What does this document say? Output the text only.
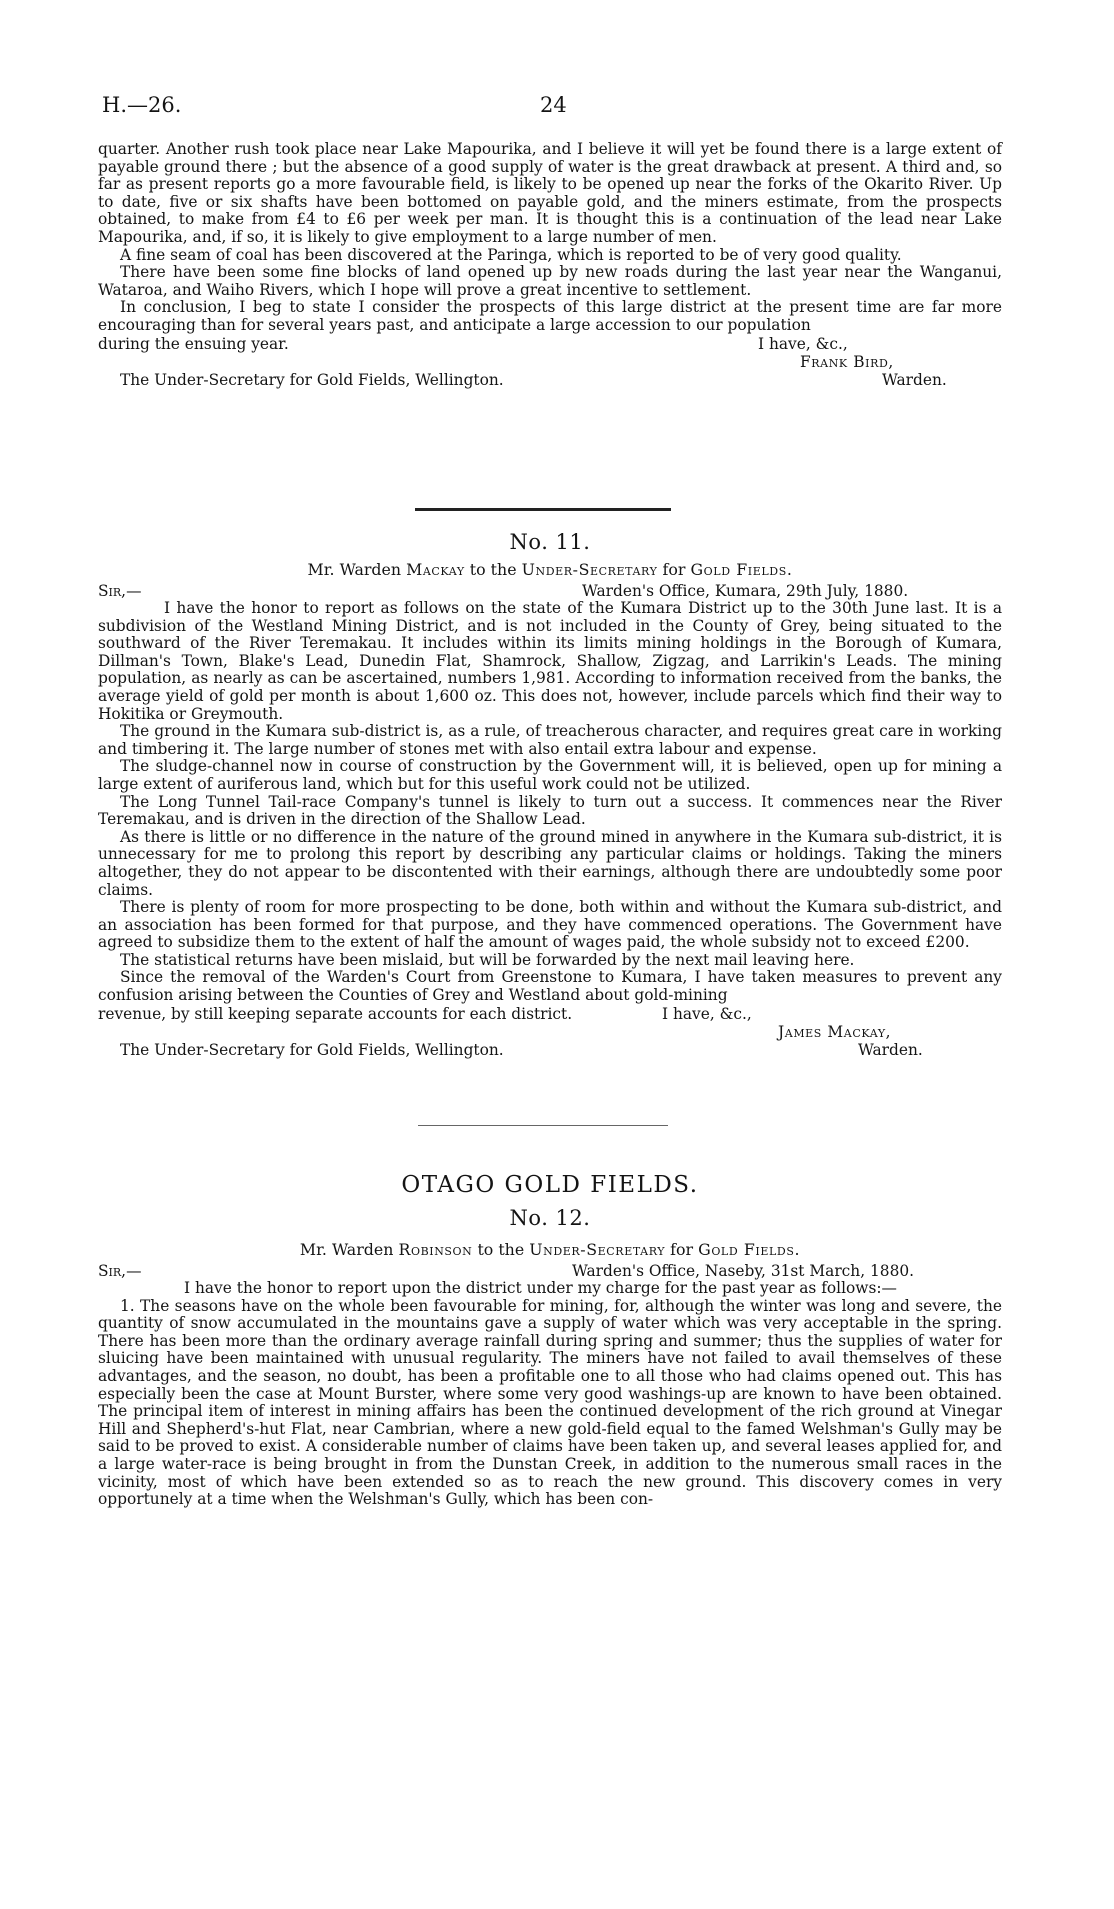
H.—26.	24

quarter. Another rush took place near Lake Mapourika, and I believe it will yet be found there is a large extent of payable ground there ; but the absence of a good supply of water is the great drawback at present. A third and, so far as present reports go a more favourable field, is likely to be opened up near the forks of the Okarito River. Up to date, five or six shafts have been bottomed on payable gold, and the miners estimate, from the prospects obtained, to make from £4 to £6 per week per man. It is thought this is a continuation of the lead near Lake Mapourika, and, if so, it is likely to give employment to a large number of men.

A fine seam of coal has been discovered at the Paringa, which is reported to be of very good quality.

There have been some fine blocks of land opened up by new roads during the last year near the Wanganui, Wataroa, and Waiho Rivers, which I hope will prove a great incentive to settlement.

In conclusion, I beg to state I consider the prospects of this large district at the present time are far more encouraging than for several years past, and anticipate a large accession to our population

during the ensuing year.	I have, &c.,
Frank Bird,
The Under-Secretary for Gold Fields, Wellington.	Warden.
No. 11.
Mr. Warden Mackay to the Under-Secretary for Gold Fields.
Sir,—	Warden's Office, Kumara, 29th July, 1880.

I have the honor to report as follows on the state of the Kumara District up to the 30th June last. It is a subdivision of the Westland Mining District, and is not included in the County of Grey, being situated to the southward of the River Teremakau. It includes within its limits mining holdings in the Borough of Kumara, Dillman's Town, Blake's Lead, Dunedin Flat, Shamrock, Shallow, Zigzag, and Larrikin's Leads. The mining population, as nearly as can be ascertained, numbers 1,981. According to information received from the banks, the average yield of gold per month is about 1,600 oz. This does not, however, include parcels which find their way to Hokitika or Greymouth.

The ground in the Kumara sub-district is, as a rule, of treacherous character, and requires great care in working and timbering it. The large number of stones met with also entail extra labour and expense.

The sludge-channel now in course of construction by the Government will, it is believed, open up for mining a large extent of auriferous land, which but for this useful work could not be utilized.

The Long Tunnel Tail-race Company's tunnel is likely to turn out a success. It commences near the River Teremakau, and is driven in the direction of the Shallow Lead.

As there is little or no difference in the nature of the ground mined in anywhere in the Kumara sub-district, it is unnecessary for me to prolong this report by describing any particular claims or holdings. Taking the miners altogether, they do not appear to be discontented with their earnings, although there are undoubtedly some poor claims.

There is plenty of room for more prospecting to be done, both within and without the Kumara sub-district, and an association has been formed for that purpose, and they have commenced operations. The Government have agreed to subsidize them to the extent of half the amount of wages paid, the whole subsidy not to exceed £200.

The statistical returns have been mislaid, but will be forwarded by the next mail leaving here.

Since the removal of the Warden's Court from Greenstone to Kumara, I have taken measures to prevent any confusion arising between the Counties of Grey and Westland about gold-mining

revenue, by still keeping separate accounts for each district.	I have, &c.,
James Mackay,
The Under-Secretary for Gold Fields, Wellington.	Warden.
OTAGO GOLD FIELDS.
No. 12.
Mr. Warden Robinson to the Under-Secretary for Gold Fields.
Sir,—	Warden's Office, Naseby, 31st March, 1880.

I have the honor to report upon the district under my charge for the past year as follows:—

1. The seasons have on the whole been favourable for mining, for, although the winter was long and severe, the quantity of snow accumulated in the mountains gave a supply of water which was very acceptable in the spring. There has been more than the ordinary average rainfall during spring and summer; thus the supplies of water for sluicing have been maintained with unusual regularity. The miners have not failed to avail themselves of these advantages, and the season, no doubt, has been a profitable one to all those who had claims opened out. This has especially been the case at Mount Burster, where some very good washings-up are known to have been obtained. The principal item of interest in mining affairs has been the continued development of the rich ground at Vinegar Hill and Shepherd's-hut Flat, near Cambrian, where a new gold-field equal to the famed Welshman's Gully may be said to be proved to exist. A considerable number of claims have been taken up, and several leases applied for, and a large water-race is being brought in from the Dunstan Creek, in addition to the numerous small races in the vicinity, most of which have been extended so as to reach the new ground. This discovery comes in very opportunely at a time when the Welshman's Gully, which has been con-
